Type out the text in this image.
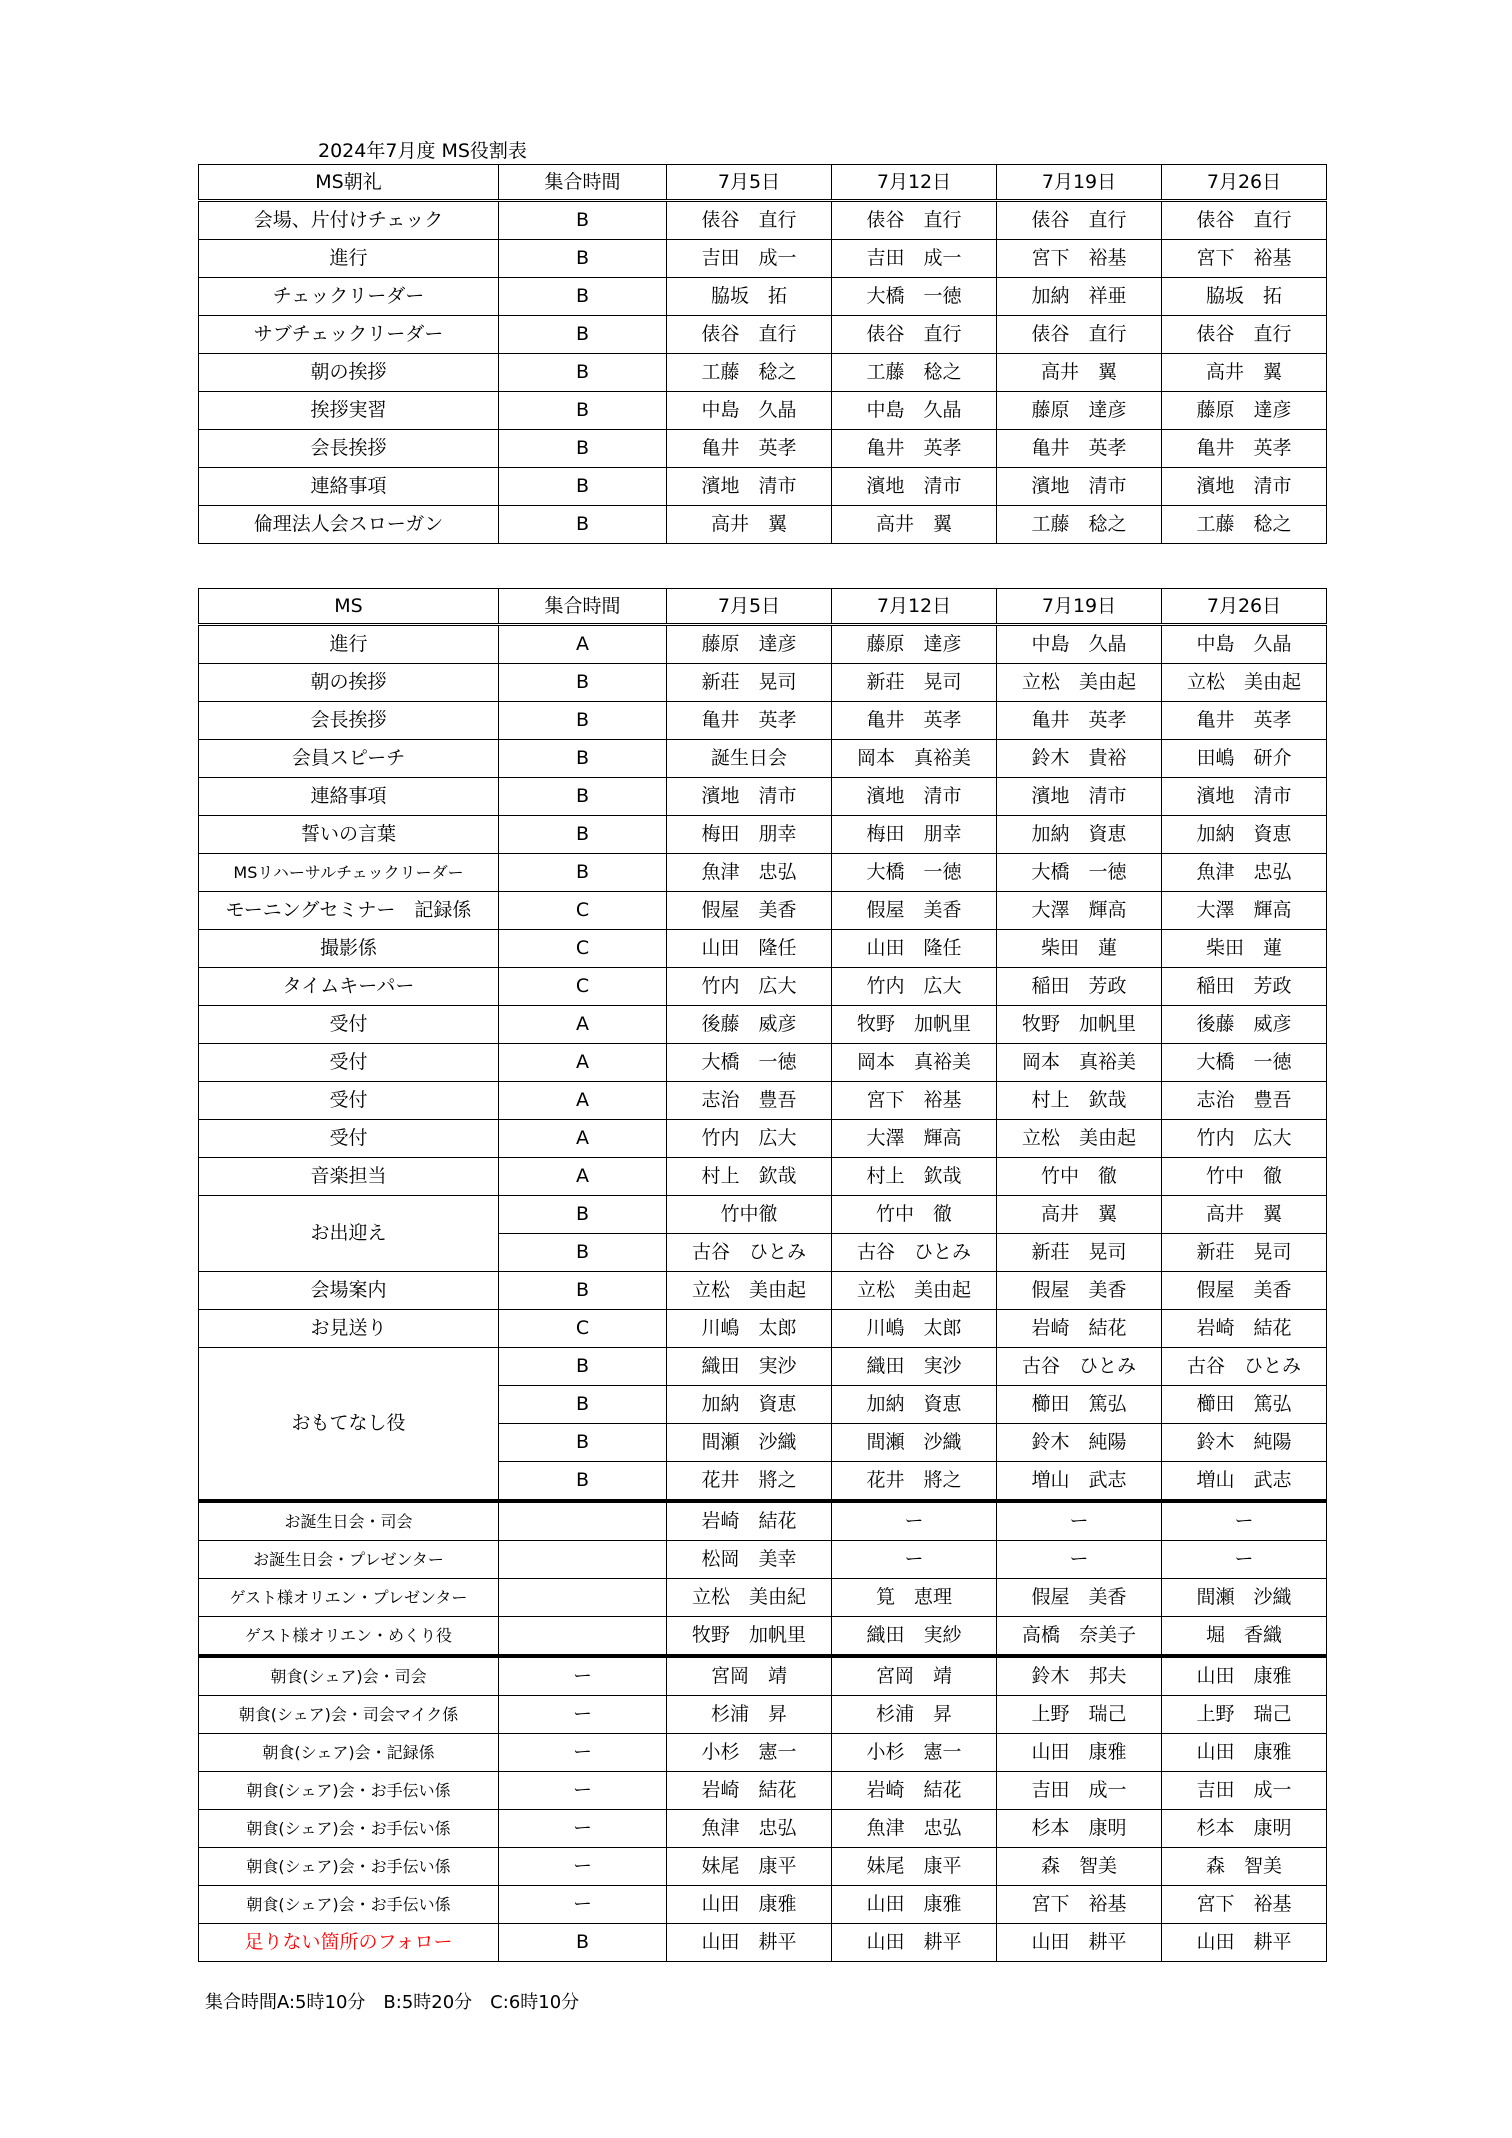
2024年7月度 MS役割表
MS朝礼	集合時間	7月5日	7月12日	7月19日	7月26日
会場、片付けチェック	B	俵谷　直行	俵谷　直行	俵谷　直行	俵谷　直行
進行	B	吉田　成一	吉田　成一	宮下　裕基	宮下　裕基
チェックリーダー	B	脇坂　拓	大橋　一徳	加納　祥亜	脇坂　拓
サブチェックリーダー	B	俵谷　直行	俵谷　直行	俵谷　直行	俵谷　直行
朝の挨拶	B	工藤　稔之	工藤　稔之	高井　翼	高井　翼
挨拶実習	B	中島　久晶	中島　久晶	藤原　達彦	藤原　達彦
会長挨拶	B	亀井　英孝	亀井　英孝	亀井　英孝	亀井　英孝
連絡事項	B	濱地　清市	濱地　清市	濱地　清市	濱地　清市
倫理法人会スローガン	B	高井　翼	高井　翼	工藤　稔之	工藤　稔之
MS	集合時間	7月5日	7月12日	7月19日	7月26日
進行	A	藤原　達彦	藤原　達彦	中島　久晶	中島　久晶
朝の挨拶	B	新荘　晃司	新荘　晃司	立松　美由起	立松　美由起
会長挨拶	B	亀井　英孝	亀井　英孝	亀井　英孝	亀井　英孝
会員スピーチ	B	誕生日会	岡本　真裕美	鈴木　貴裕	田嶋　研介
連絡事項	B	濱地　清市	濱地　清市	濱地　清市	濱地　清市
誓いの言葉	B	梅田　朋幸	梅田　朋幸	加納　資恵	加納　資恵
MSリハーサルチェックリーダー	B	魚津　忠弘	大橋　一徳	大橋　一徳	魚津　忠弘
モーニングセミナー　記録係	C	假屋　美香	假屋　美香	大澤　輝高	大澤　輝高
撮影係	C	山田　隆任	山田　隆任	柴田　蓮	柴田　蓮
タイムキーパー	C	竹内　広大	竹内　広大	稲田　芳政	稲田　芳政
受付	A	後藤　威彦	牧野　加帆里	牧野　加帆里	後藤　威彦
受付	A	大橋　一徳	岡本　真裕美	岡本　真裕美	大橋　一徳
受付	A	志治　豊吾	宮下　裕基	村上　欽哉	志治　豊吾
受付	A	竹内　広大	大澤　輝高	立松　美由起	竹内　広大
音楽担当	A	村上　欽哉	村上　欽哉	竹中　徹	竹中　徹
お出迎え	B	竹中徹	竹中　徹	高井　翼	高井　翼
	B	古谷　ひとみ	古谷　ひとみ	新荘　晃司	新荘　晃司
会場案内	B	立松　美由起	立松　美由起	假屋　美香	假屋　美香
お見送り	C	川嶋　太郎	川嶋　太郎	岩崎　結花	岩崎　結花
おもてなし役	B	織田　実沙	織田　実沙	古谷　ひとみ	古谷　ひとみ
	B	加納　資恵	加納　資恵	櫛田　篤弘	櫛田　篤弘
	B	間瀬　沙織	間瀬　沙織	鈴木　純陽	鈴木　純陽
	B	花井　將之	花井　將之	増山　武志	増山　武志
お誕生日会・司会		岩崎　結花	ー	ー	ー
お誕生日会・プレゼンター		松岡　美幸	ー	ー	ー
ゲスト様オリエン・プレゼンター		立松　美由紀	筧　恵理	假屋　美香	間瀬　沙織
ゲスト様オリエン・めくり役		牧野　加帆里	織田　実紗	高橋　奈美子	堀　香織
朝食(シェア)会・司会	ー	宮岡　靖	宮岡　靖	鈴木　邦夫	山田　康雅
朝食(シェア)会・司会マイク係	ー	杉浦　昇	杉浦　昇	上野　瑞己	上野　瑞己
朝食(シェア)会・記録係	ー	小杉　憲一	小杉　憲一	山田　康雅	山田　康雅
朝食(シェア)会・お手伝い係	ー	岩崎　結花	岩崎　結花	吉田　成一	吉田　成一
朝食(シェア)会・お手伝い係	ー	魚津　忠弘	魚津　忠弘	杉本　康明	杉本　康明
朝食(シェア)会・お手伝い係	ー	妹尾　康平	妹尾　康平	森　智美	森　智美
朝食(シェア)会・お手伝い係	ー	山田　康雅	山田　康雅	宮下　裕基	宮下　裕基
足りない箇所のフォロー	B	山田　耕平	山田　耕平	山田　耕平	山田　耕平
集合時間A:5時10分　B:5時20分　C:6時10分
